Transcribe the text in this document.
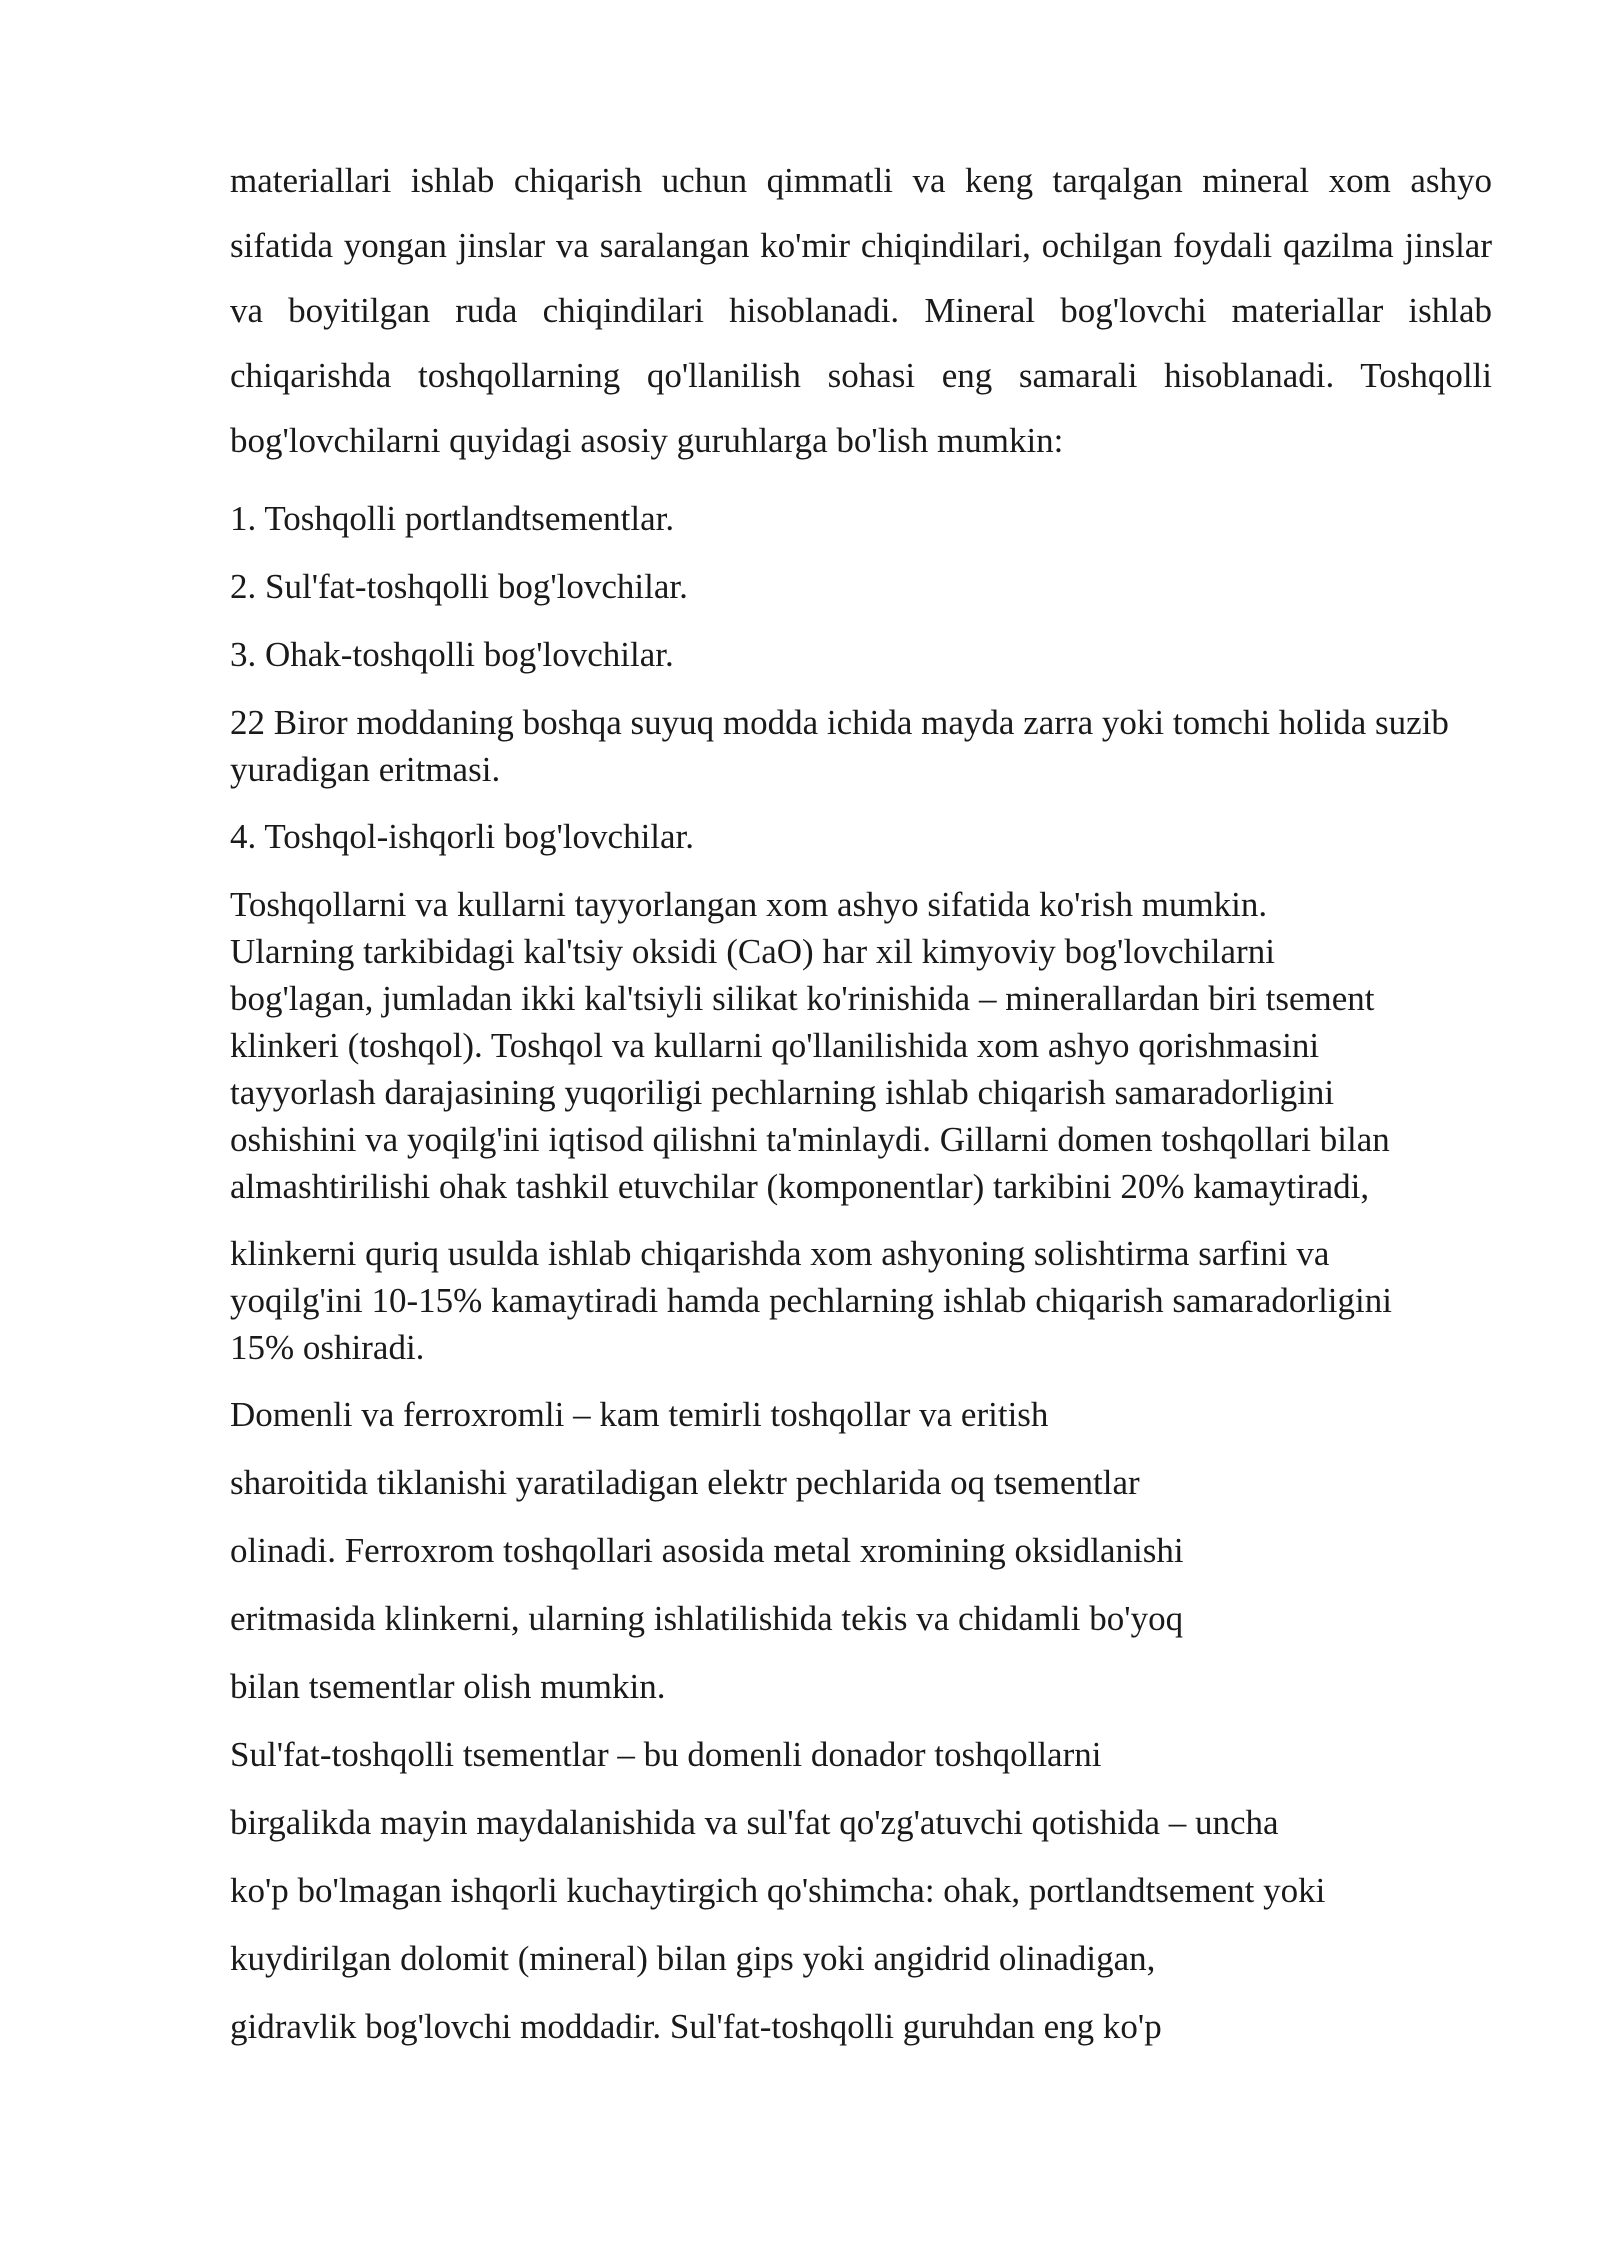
materiallari ishlab chiqarish uchun qimmatli va keng tarqalgan mineral xom ashyo sifatida yongan jinslar va saralangan ko'mir chiqindilari, ochilgan foydali qazilma jinslar va boyitilgan ruda chiqindilari hisoblanadi. Mineral bog'lovchi materiallar ishlab chiqarishda toshqollarning qo'llanilish sohasi eng samarali hisoblanadi. Toshqolli bog'lovchilarni quyidagi asosiy guruhlarga bo'lish mumkin:

1. Toshqolli portlandtsementlar.

2. Sul'fat-toshqolli bog'lovchilar.

3. Ohak-toshqolli bog'lovchilar.

22 Biror moddaning boshqa suyuq modda ichida mayda zarra yoki tomchi holida suzib yuradigan eritmasi.

4. Toshqol-ishqorli bog'lovchilar.

Toshqollarni va kullarni tayyorlangan xom ashyo sifatida ko'rish mumkin.
Ularning tarkibidagi kal'tsiy oksidi (CaO) har xil kimyoviy bog'lovchilarni
bog'lagan, jumladan ikki kal'tsiyli silikat ko'rinishida – minerallardan biri tsement
klinkeri (toshqol). Toshqol va kullarni qo'llanilishida xom ashyo qorishmasini
tayyorlash darajasining yuqoriligi pechlarning ishlab chiqarish samaradorligini
oshishini va yoqilg'ini iqtisod qilishni ta'minlaydi. Gillarni domen toshqollari bilan
almashtirilishi ohak tashkil etuvchilar (komponentlar) tarkibini 20% kamaytiradi,

klinkerni quriq usulda ishlab chiqarishda xom ashyoning solishtirma sarfini va
yoqilg'ini 10-15% kamaytiradi hamda pechlarning ishlab chiqarish samaradorligini
15% oshiradi.

Domenli va ferroxromli – kam temirli toshqollar va eritish

sharoitida tiklanishi yaratiladigan elektr pechlarida oq tsementlar

olinadi. Ferroxrom toshqollari asosida metal xromining oksidlanishi

eritmasida klinkerni, ularning ishlatilishida tekis va chidamli bo'yoq

bilan tsementlar olish mumkin.

Sul'fat-toshqolli tsementlar – bu domenli donador toshqollarni

birgalikda mayin maydalanishida va sul'fat qo'zg'atuvchi qotishida – uncha

ko'p bo'lmagan ishqorli kuchaytirgich qo'shimcha: ohak, portlandtsement yoki

kuydirilgan dolomit (mineral) bilan gips yoki angidrid olinadigan,

gidravlik bog'lovchi moddadir. Sul'fat-toshqolli guruhdan eng ko'p
